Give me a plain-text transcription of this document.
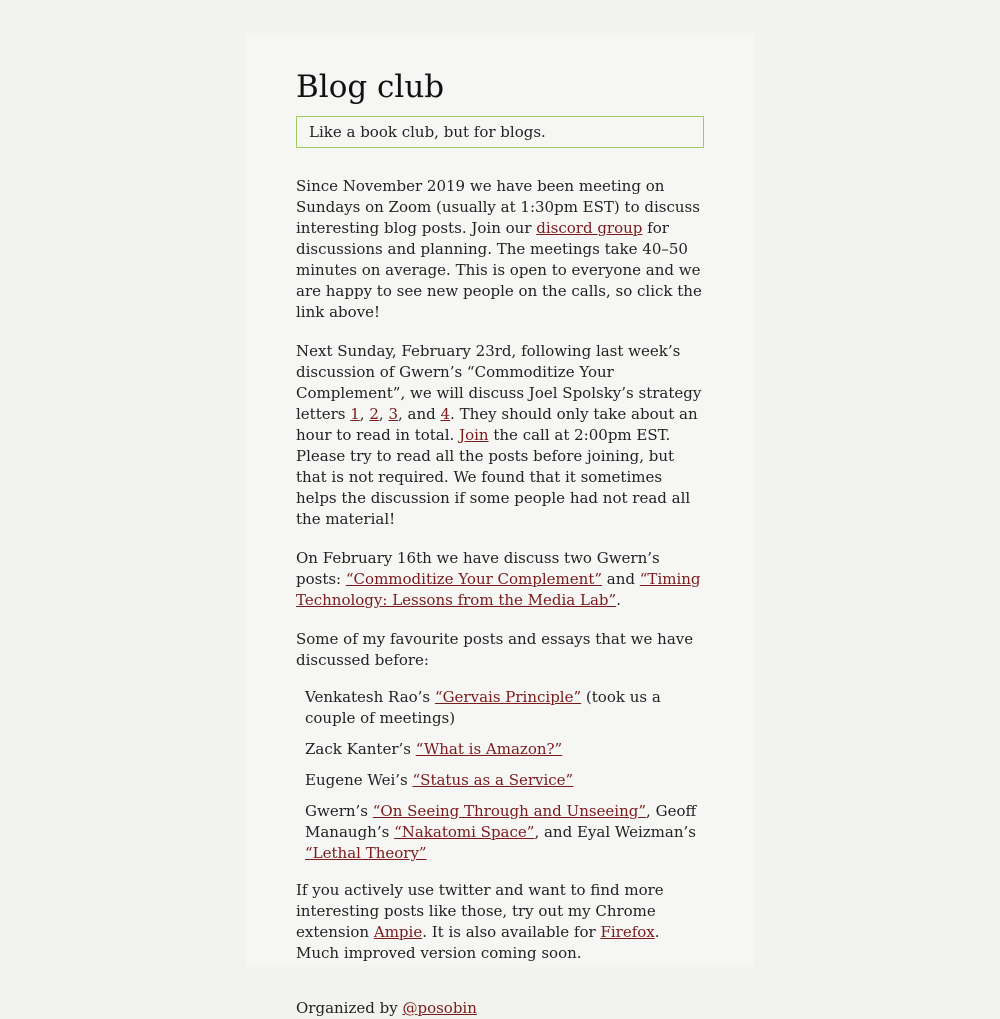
Blog club
Like a book club, but for blogs.

Since November 2019 we have been meeting on Sundays on Zoom (usually at 1:30pm EST) to discuss interesting blog posts. Join our discord group for discussions and planning. The meetings take 40–50 minutes on average. This is open to everyone and we are happy to see new people on the calls, so click the link above!

Next Sunday, February 23rd, following last week’s discussion of Gwern’s “Commoditize Your Complement”, we will discuss Joel Spolsky’s strategy letters 1, 2, 3, and 4. They should only take about an hour to read in total. Join the call at 2:00pm EST. Please try to read all the posts before joining, but that is not required. We found that it sometimes helps the discussion if some people had not read all the material!

On February 16th we have discuss two Gwern’s posts: “Commoditize Your Complement” and “Timing Technology: Lessons from the Media Lab”.

Some of my favourite posts and essays that we have discussed before:

Venkatesh Rao’s “Gervais Principle” (took us a couple of meetings)
Zack Kanter’s “What is Amazon?”
Eugene Wei’s “Status as a Service”
Gwern’s “On Seeing Through and Unseeing”, Geoff Manaugh’s “Nakatomi Space”, and Eyal Weizman’s “Lethal Theory”

If you actively use twitter and want to find more interesting posts like those, try out my Chrome extension Ampie. It is also available for Firefox. Much improved version coming soon.

Organized by @posobin
